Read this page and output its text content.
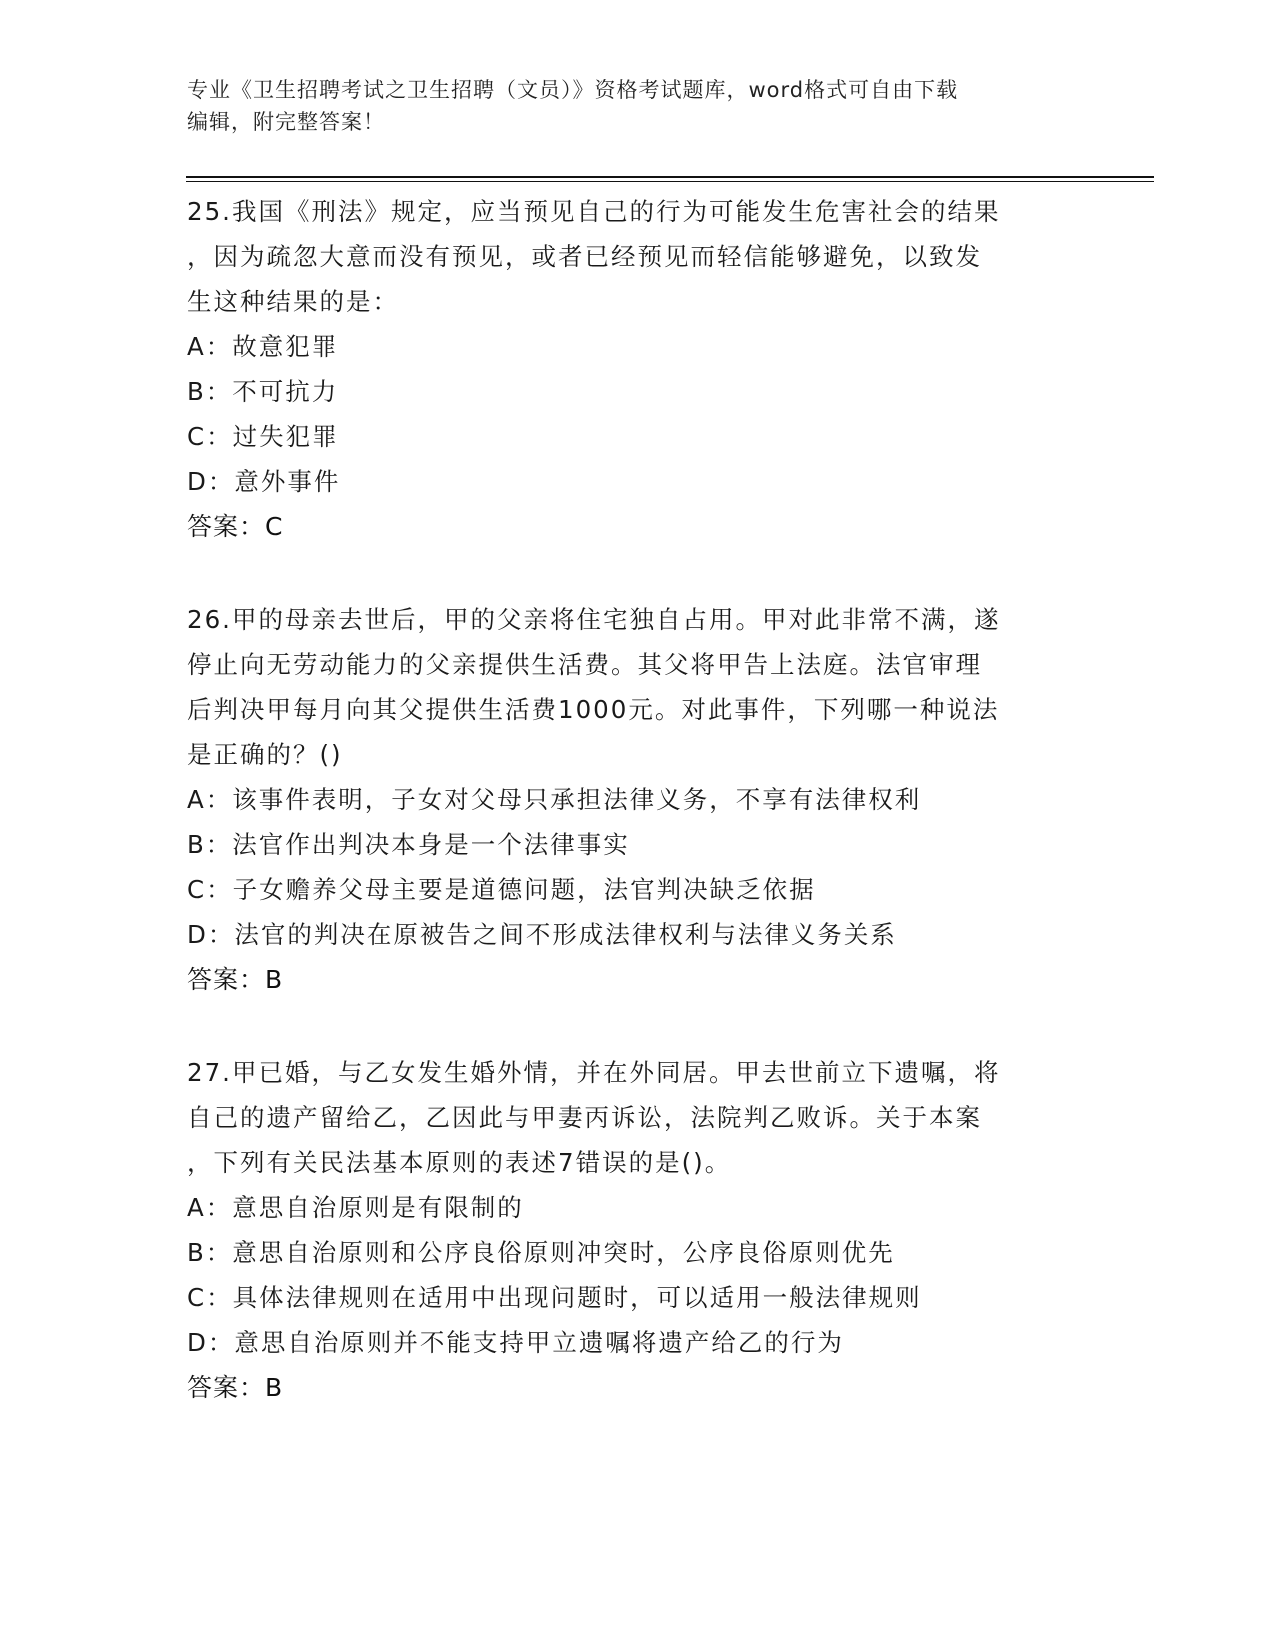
专业《卫生招聘考试之卫生招聘（文员）》资格考试题库，word格式可自由下载
编辑，附完整答案！
25.我国《刑法》规定，应当预见自己的行为可能发生危害社会的结果
，因为疏忽大意而没有预见，或者已经预见而轻信能够避免，以致发
生这种结果的是：
A：故意犯罪
B：不可抗力
C：过失犯罪
D：意外事件
答案：C
26.甲的母亲去世后，甲的父亲将住宅独自占用。甲对此非常不满，遂
停止向无劳动能力的父亲提供生活费。其父将甲告上法庭。法官审理
后判决甲每月向其父提供生活费1000元。对此事件，下列哪一种说法
是正确的？()
A：该事件表明，子女对父母只承担法律义务，不享有法律权利
B：法官作出判决本身是一个法律事实
C：子女赡养父母主要是道德问题，法官判决缺乏依据
D：法官的判决在原被告之间不形成法律权利与法律义务关系
答案：B
27.甲已婚，与乙女发生婚外情，并在外同居。甲去世前立下遗嘱，将
自己的遗产留给乙，乙因此与甲妻丙诉讼，法院判乙败诉。关于本案
，下列有关民法基本原则的表述7错误的是()。
A：意思自治原则是有限制的
B：意思自治原则和公序良俗原则冲突时，公序良俗原则优先
C：具体法律规则在适用中出现问题时，可以适用一般法律规则
D：意思自治原则并不能支持甲立遗嘱将遗产给乙的行为
答案：B
